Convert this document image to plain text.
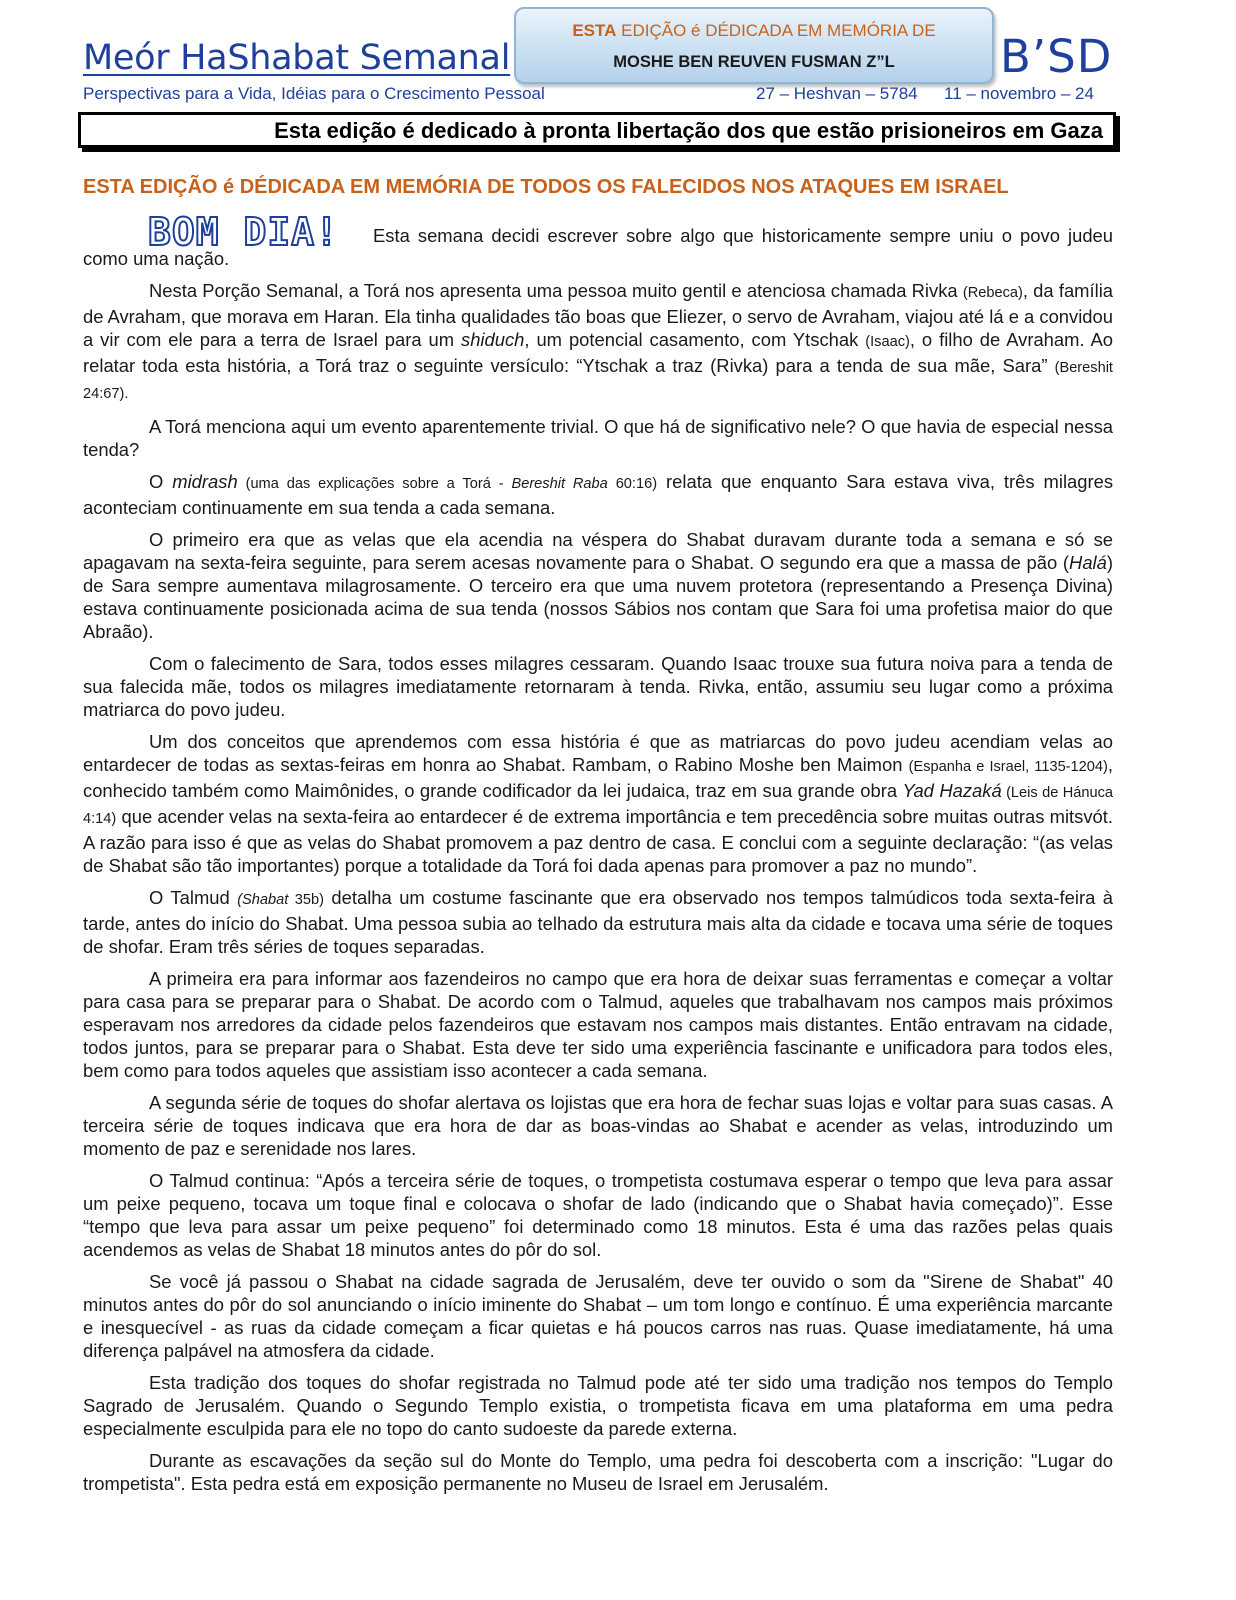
Meór HaShabat Semanal
ESTA EDIÇÃO é DÉDICADA EM MEMÓRIA DE
MOSHE BEN REUVEN FUSMAN Z”L	B’SD
Perspectivas para a Vida, Idéias para o Crescimento Pessoal	27 – Heshvan – 5784 11 – novembro – 24
Esta edição é dedicado à pronta libertação dos que estão prisioneiros em Gaza
ESTA EDIÇÃO é DÉDICADA EM MEMÓRIA DE TODOS OS FALECIDOS NOS ATAQUES EM ISRAEL
BOM DIA!	Esta semana decidi escrever sobre algo que historicamente sempre uniu o povo judeu como uma nação.

Nesta Porção Semanal, a Torá nos apresenta uma pessoa muito gentil e atenciosa chamada Rivka (Rebeca), da família de Avraham, que morava em Haran. Ela tinha qualidades tão boas que Eliezer, o servo de Avraham, viajou até lá e a convidou a vir com ele para a terra de Israel para um shiduch, um potencial casamento, com Ytschak (Isaac), o filho de Avraham. Ao relatar toda esta história, a Torá traz o seguinte versículo: “Ytschak a traz (Rivka) para a tenda de sua mãe, Sara” (Bereshit 24:67).

A Torá menciona aqui um evento aparentemente trivial. O que há de significativo nele? O que havia de especial nessa tenda?

O midrash (uma das explicações sobre a Torá - Bereshit Raba 60:16) relata que enquanto Sara estava viva, três milagres aconteciam continuamente em sua tenda a cada semana.

O primeiro era que as velas que ela acendia na véspera do Shabat duravam durante toda a semana e só se apagavam na sexta-feira seguinte, para serem acesas novamente para o Shabat. O segundo era que a massa de pão (Halá) de Sara sempre aumentava milagrosamente. O terceiro era que uma nuvem protetora (representando a Presença Divina) estava continuamente posicionada acima de sua tenda (nossos Sábios nos contam que Sara foi uma profetisa maior do que Abraão).

Com o falecimento de Sara, todos esses milagres cessaram. Quando Isaac trouxe sua futura noiva para a tenda de sua falecida mãe, todos os milagres imediatamente retornaram à tenda. Rivka, então, assumiu seu lugar como a próxima matriarca do povo judeu.

Um dos conceitos que aprendemos com essa história é que as matriarcas do povo judeu acendiam velas ao entardecer de todas as sextas-feiras em honra ao Shabat. Rambam, o Rabino Moshe ben Maimon (Espanha e Israel, 1135-1204), conhecido também como Maimônides, o grande codificador da lei judaica, traz em sua grande obra Yad Hazaká (Leis de Hánuca 4:14) que acender velas na sexta-feira ao entardecer é de extrema importância e tem precedência sobre muitas outras mitsvót. A razão para isso é que as velas do Shabat promovem a paz dentro de casa. E conclui com a seguinte declaração: “(as velas de Shabat são tão importantes) porque a totalidade da Torá foi dada apenas para promover a paz no mundo”.

O Talmud (Shabat 35b) detalha um costume fascinante que era observado nos tempos talmúdicos toda sexta-feira à tarde, antes do início do Shabat. Uma pessoa subia ao telhado da estrutura mais alta da cidade e tocava uma série de toques de shofar. Eram três séries de toques separadas.

A primeira era para informar aos fazendeiros no campo que era hora de deixar suas ferramentas e começar a voltar para casa para se preparar para o Shabat. De acordo com o Talmud, aqueles que trabalhavam nos campos mais próximos esperavam nos arredores da cidade pelos fazendeiros que estavam nos campos mais distantes. Então entravam na cidade, todos juntos, para se preparar para o Shabat. Esta deve ter sido uma experiência fascinante e unificadora para todos eles, bem como para todos aqueles que assistiam isso acontecer a cada semana.

A segunda série de toques do shofar alertava os lojistas que era hora de fechar suas lojas e voltar para suas casas. A terceira série de toques indicava que era hora de dar as boas-vindas ao Shabat e acender as velas, introduzindo um momento de paz e serenidade nos lares.

O Talmud continua: “Após a terceira série de toques, o trompetista costumava esperar o tempo que leva para assar um peixe pequeno, tocava um toque final e colocava o shofar de lado (indicando que o Shabat havia começado)”. Esse “tempo que leva para assar um peixe pequeno” foi determinado como 18 minutos. Esta é uma das razões pelas quais acendemos as velas de Shabat 18 minutos antes do pôr do sol.

Se você já passou o Shabat na cidade sagrada de Jerusalém, deve ter ouvido o som da "Sirene de Shabat" 40 minutos antes do pôr do sol anunciando o início iminente do Shabat – um tom longo e contínuo. É uma experiência marcante e inesquecível - as ruas da cidade começam a ficar quietas e há poucos carros nas ruas. Quase imediatamente, há uma diferença palpável na atmosfera da cidade.

Esta tradição dos toques do shofar registrada no Talmud pode até ter sido uma tradição nos tempos do Templo Sagrado de Jerusalém. Quando o Segundo Templo existia, o trompetista ficava em uma plataforma em uma pedra especialmente esculpida para ele no topo do canto sudoeste da parede externa.

Durante as escavações da seção sul do Monte do Templo, uma pedra foi descoberta com a inscrição: "Lugar do trompetista". Esta pedra está em exposição permanente no Museu de Israel em Jerusalém.
